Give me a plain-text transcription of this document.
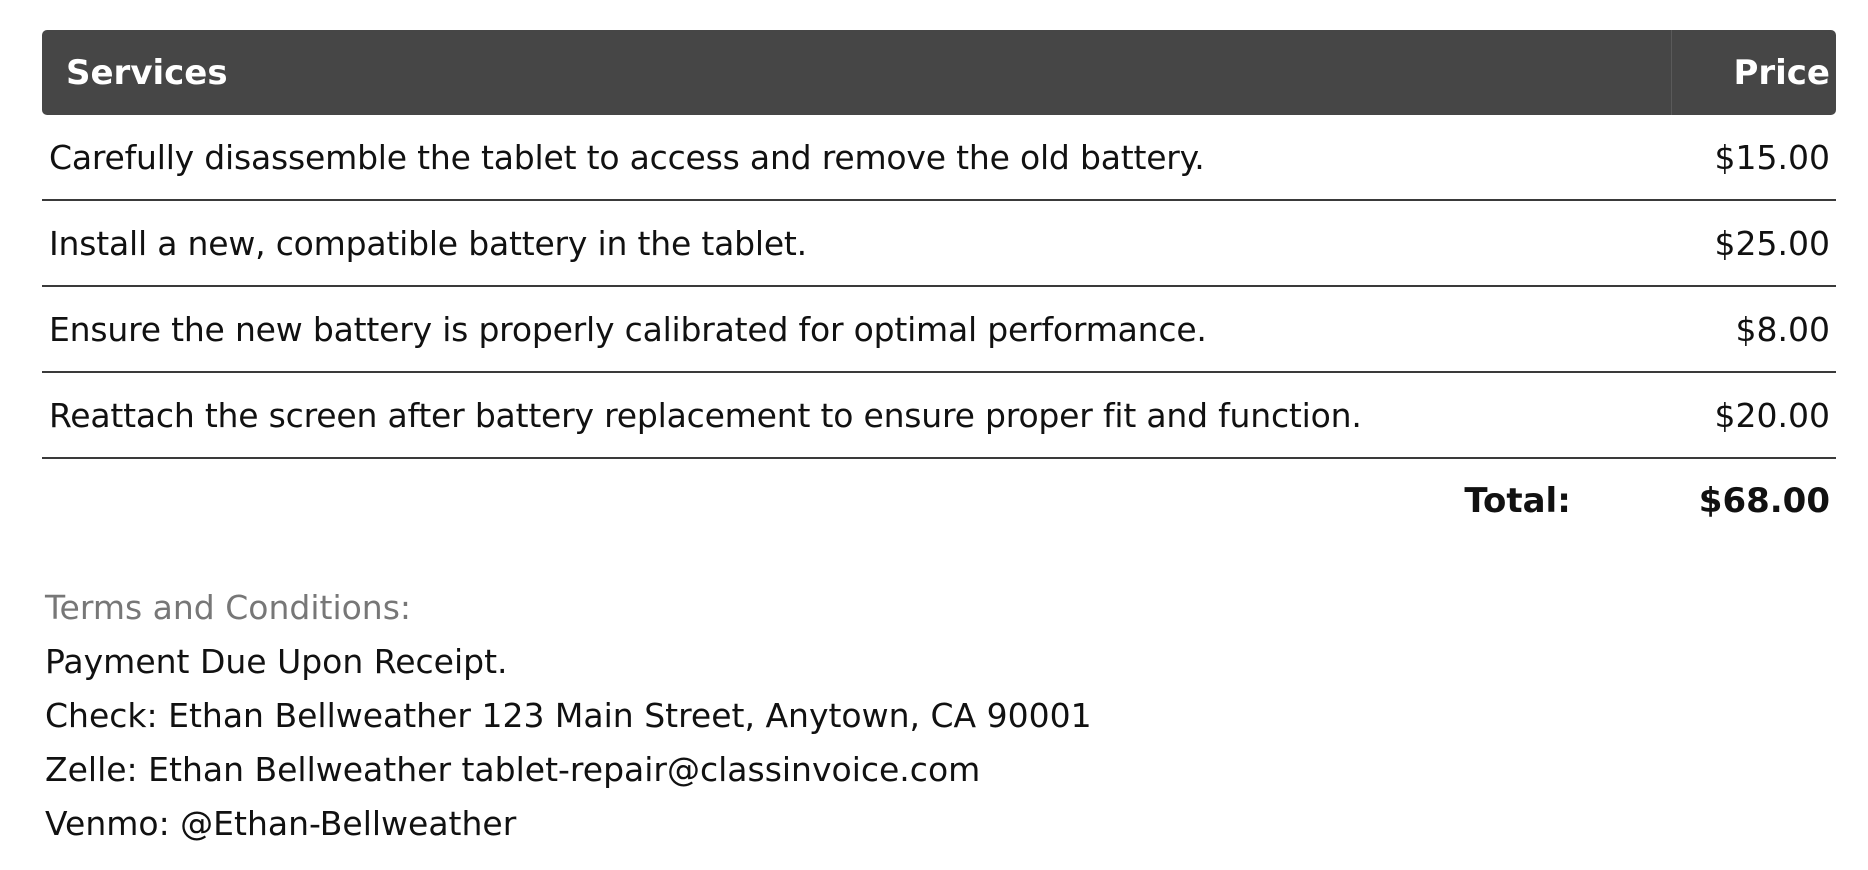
Services	Price
Carefully disassemble the tablet to access and remove the old battery.	$15.00
Install a new, compatible battery in the tablet.	$25.00
Ensure the new battery is properly calibrated for optimal performance.	$8.00
Reattach the screen after battery replacement to ensure proper fit and function.	$20.00
Total:	$68.00
Terms and Conditions:
Payment Due Upon Receipt.
Check: Ethan Bellweather 123 Main Street, Anytown, CA 90001
Zelle: Ethan Bellweather tablet-repair@classinvoice.com
Venmo: @Ethan-Bellweather
